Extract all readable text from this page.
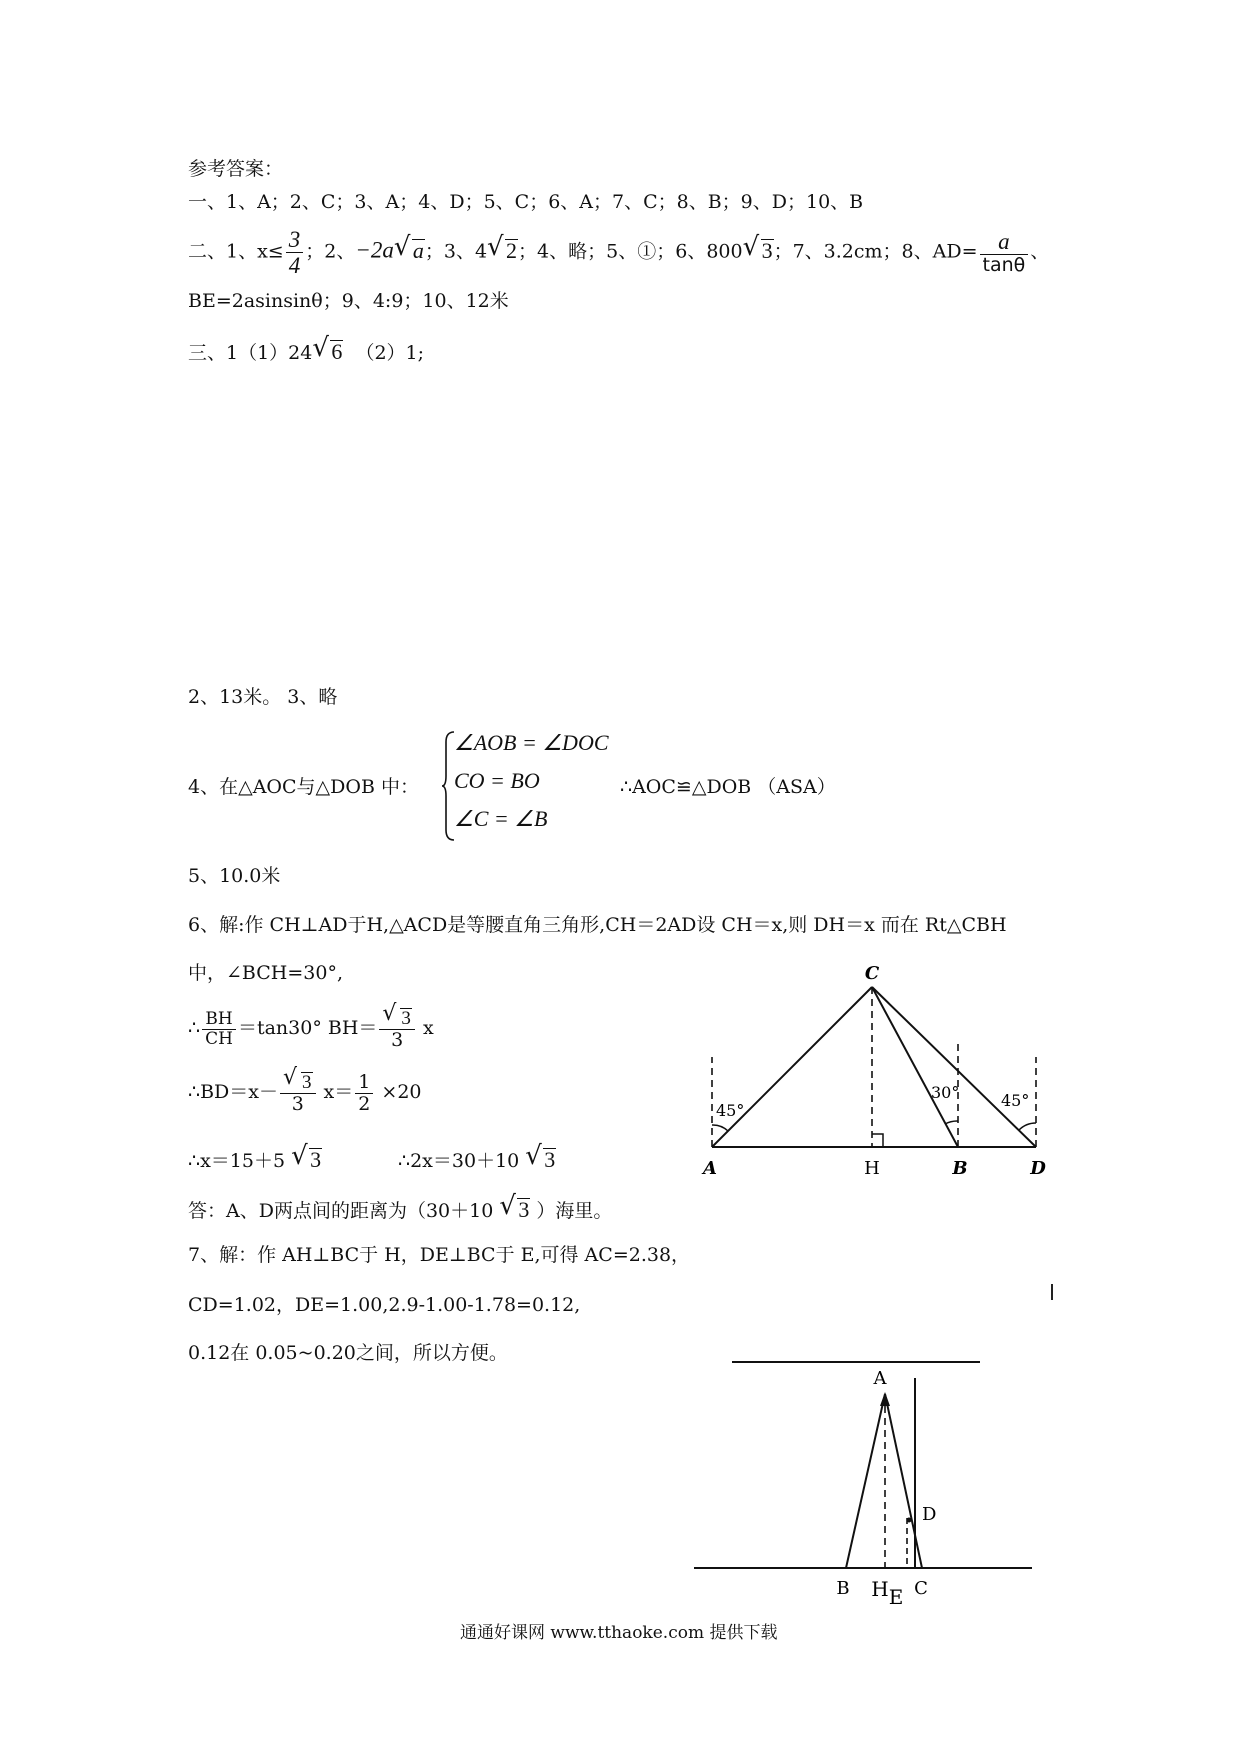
参考答案：
一、1、A；2、C；3、A；4、D；5、C；6、A；7、C；8、B；9、D；10、B
二、1、$x\le \frac{3}{4}$ ；2、−2a √ a；3、4 √ 2；4、略；5、①；6、800 √ 3；7、3.2cm；8、$AD= \frac{a}{\tan\theta}$ 、
BE=2asinsinθ；9、4:9；10、12米
三、1（1）24 √ 6 （2）1;
2、13米。 3、略
4、在△AOC与△DOB 中：
∠AOB = ∠DOC
CO = BO
∠C = ∠B
∴AOC≌△DOB （ASA）
5、10.0米
6、解:作 CH⊥AD于H,△ACD是等腰直角三角形,CH＝2AD设 CH＝x,则 DH＝x 而在 Rt△CBH
中，∠BCH=30°,
∴ $\frac{BH}{CH} =\tan 30^\circ$ $BH= \frac{√ 3}{3}$ x
∴BD＝x－ $\frac{√ 3}{3} x= \frac{1}{2} \times 20$
∴x＝15＋5 √ 3	∴2x＝30＋10 √ 3
答：A、D两点间的距离为（30＋10 √ 3 ）海里。
7、解：作 AH⊥BC于 H，DE⊥BC于 E,可得 AC=2.38，
CD=1.02，DE=1.00,2.9-1.00-1.78=0.12,
0.12在 0.05~0.20之间，所以方便。
A	H	B	D
C
45°
30°	45°
A
D
B H E C
通通好课网 www.tthaoke.com 提供下载
